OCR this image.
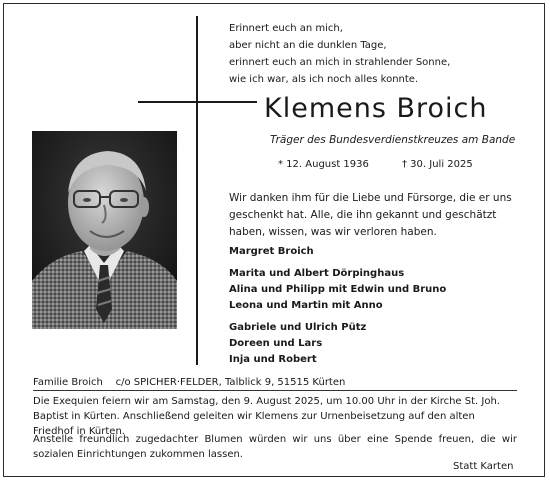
Erinnert euch an mich,
aber nicht an die dunklen Tage,
erinnert euch an mich in strahlender Sonne,
wie ich war, als ich noch alles konnte.
Klemens Broich
Träger des Bundesverdienstkreuzes am Bande
* 12. August 1936	† 30. Juli 2025
Wir danken ihm für die Liebe und Fürsorge, die er uns geschenkt hat. Alle, die ihn gekannt und geschätzt haben, wissen, was wir verloren haben.
Margret Broich
Marita und Albert Dörpinghaus
Alina und Philipp mit Edwin und Bruno
Leona und Martin mit Anno
Gabriele und Ulrich Pütz
Doreen und Lars
Inja und Robert
Familie Broich c/o SPICHER·FELDER, Talblick 9, 51515 Kürten
Die Exequien feiern wir am Samstag, den 9. August 2025, um 10.00 Uhr in der Kirche St. Joh. Baptist in Kürten. Anschließend geleiten wir Klemens zur Urnenbeisetzung auf den alten Friedhof in Kürten.
Anstelle freundlich zugedachter Blumen würden wir uns über eine Spende freuen, die wir sozialen Einrichtungen zukommen lassen.
Statt Karten
